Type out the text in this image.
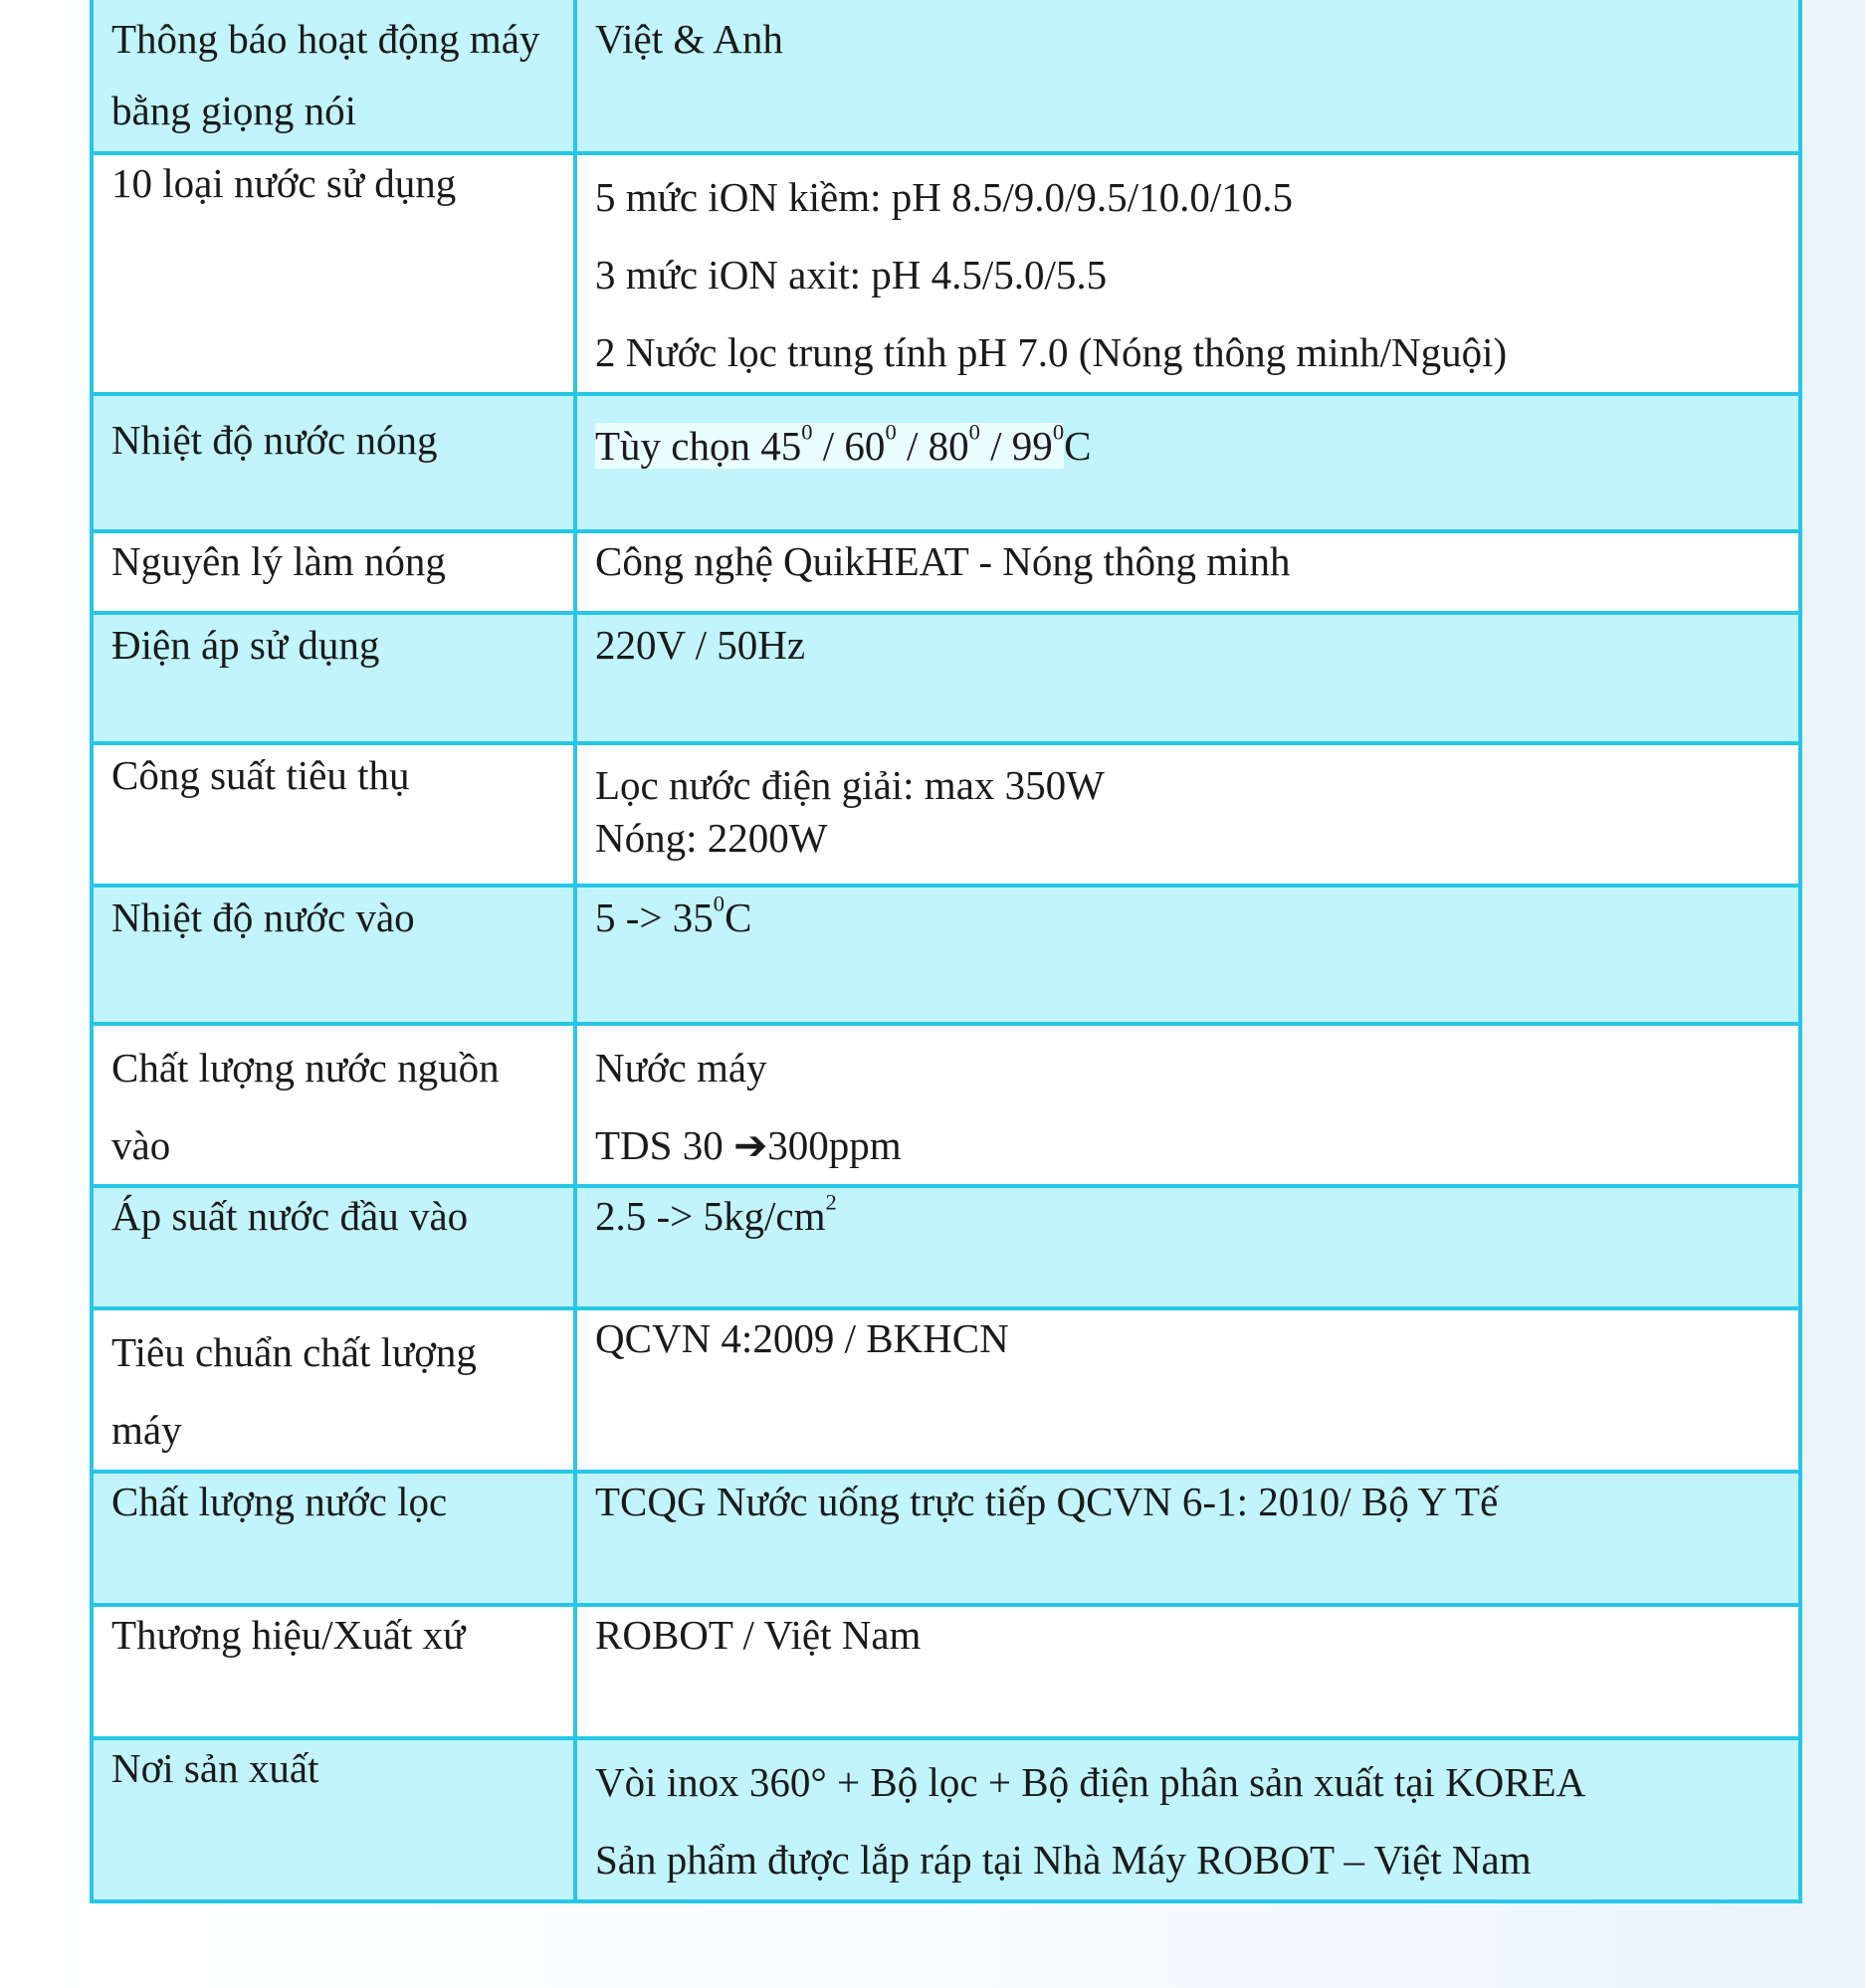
Thông báo hoạt động máy bằng giọng nói	Việt & Anh

10 loại nước sử dụng	5 mức iON kiềm: pH 8.5/9.0/9.5/10.0/10.5
3 mức iON axit: pH 4.5/5.0/5.5
2 Nước lọc trung tính pH 7.0 (Nóng thông minh/Nguội)

Nhiệt độ nước nóng	Tùy chọn $45^0 / 60^0 / 80^0 / 99^0C$
Nguyên lý làm nóng	Công nghệ QuikHEAT - Nóng thông minh

Điện áp sử dụng	220V / 50Hz

Công suất tiêu thụ	Lọc nước điện giải: max 350W
Nóng: 2200W

Nhiệt độ nước vào	$5 -> 35^0C$
Chất lượng nước nguồn vào	Nước máy
TDS 30 ➔300ppm

Áp suất nước đầu vào	$2.5 -> 5kg/cm^2$
Tiêu chuẩn chất lượng máy	QCVN 4:2009 / BKHCN

Chất lượng nước lọc	TCQG Nước uống trực tiếp QCVN 6-1: 2010/ Bộ Y Tế

Thương hiệu/Xuất xứ	ROBOT / Việt Nam

Nơi sản xuất	Vòi inox 360° + Bộ lọc + Bộ điện phân sản xuất tại KOREA
Sản phẩm được lắp ráp tại Nhà Máy ROBOT – Việt Nam
